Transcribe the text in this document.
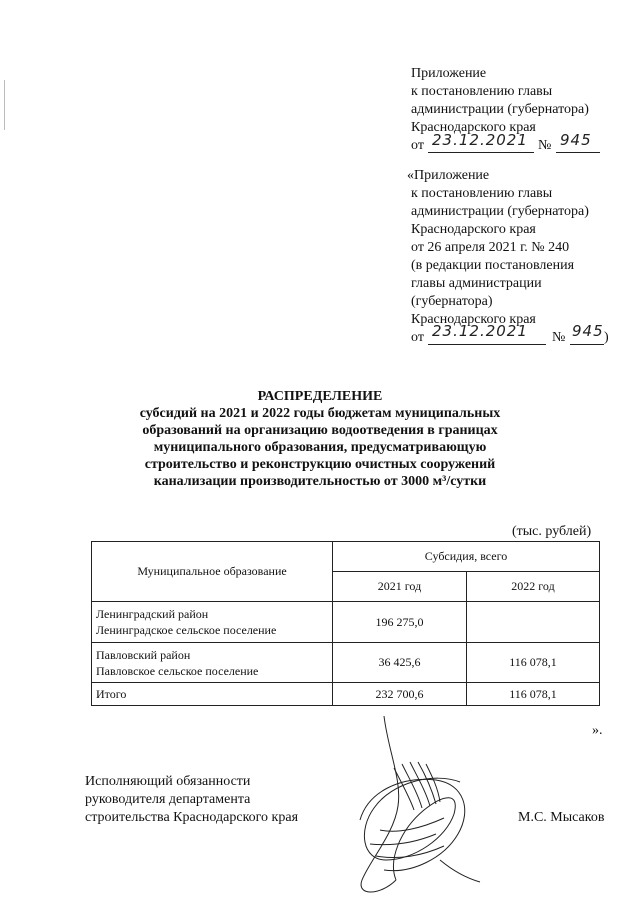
Приложение
к постановлению главы
администрации (губернатора)
Краснодарского края
от 23.12.2021 № 945
«Приложение
к постановлению главы
администрации (губернатора)
Краснодарского края
от 26 апреля 2021 г. № 240
(в редакции постановления
главы администрации
(губернатора)
Краснодарского края
от 23.12.2021 № 945 )
РАСПРЕДЕЛЕНИЕ
субсидий на 2021 и 2022 годы бюджетам муниципальных
образований на организацию водоотведения в границах
муниципального образования, предусматривающую
строительство и реконструкцию очистных сооружений
канализации производительностью от 3000 м³/сутки
(тыс. рублей)
Муниципальное образование	Субсидия, всего	
	2021 год	2022 год

Ленинградский район
Ленинградское сельское поселение	196 275,0	

Павловский район
Павловское сельское поселение	36 425,6	116 078,1
Итого	232 700,6	116 078,1
».
Исполняющий обязанности
руководителя департамента
строительства Краснодарского края	М.С. Мысаков
